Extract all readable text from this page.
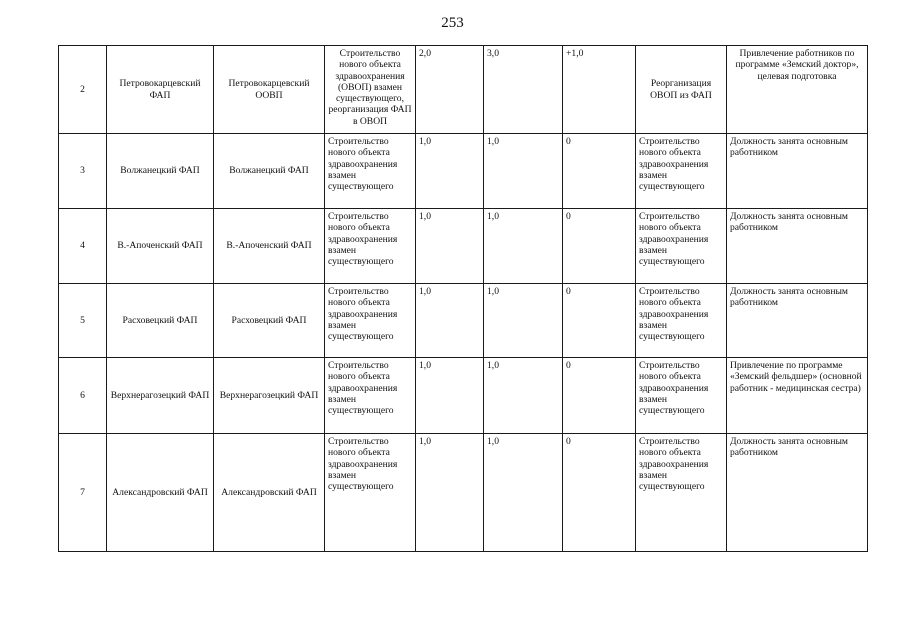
253
2	Петровокарцевский ФАП	Петровокарцевский ООВП	Строительство нового объекта здравоохранения (ОВОП) взамен существующего, реорганизация ФАП в ОВОП	2,0	3,0	+1,0	Реорганизация ОВОП из ФАП	Привлечение работников по программе «Земский доктор», целевая подготовка
3	Волжанецкий ФАП	Волжанецкий ФАП	Строительство нового объекта здравоохранения взамен существующего	1,0	1,0	0	Строительство нового объекта здравоохранения взамен существующего	Должность занята основным работником
4	В.-Апоченский ФАП	В.-Апоченский ФАП	Строительство нового объекта здравоохранения взамен существующего	1,0	1,0	0	Строительство нового объекта здравоохранения взамен существующего	Должность занята основным работником
5	Расховецкий ФАП	Расховецкий ФАП	Строительство нового объекта здравоохранения взамен существующего	1,0	1,0	0	Строительство нового объекта здравоохранения взамен существующего	Должность занята основным работником
6	Верхнерагозецкий ФАП	Верхнерагозецкий ФАП	Строительство нового объекта здравоохранения взамен существующего	1,0	1,0	0	Строительство нового объекта здравоохранения взамен существующего	Привлечение по программе «Земский фельдшер» (основной работник - медицинская сестра)
7	Александровский ФАП	Александровский ФАП	Строительство нового объекта здравоохранения взамен существующего	1,0	1,0	0	Строительство нового объекта здравоохранения взамен существующего	Должность занята основным работником
